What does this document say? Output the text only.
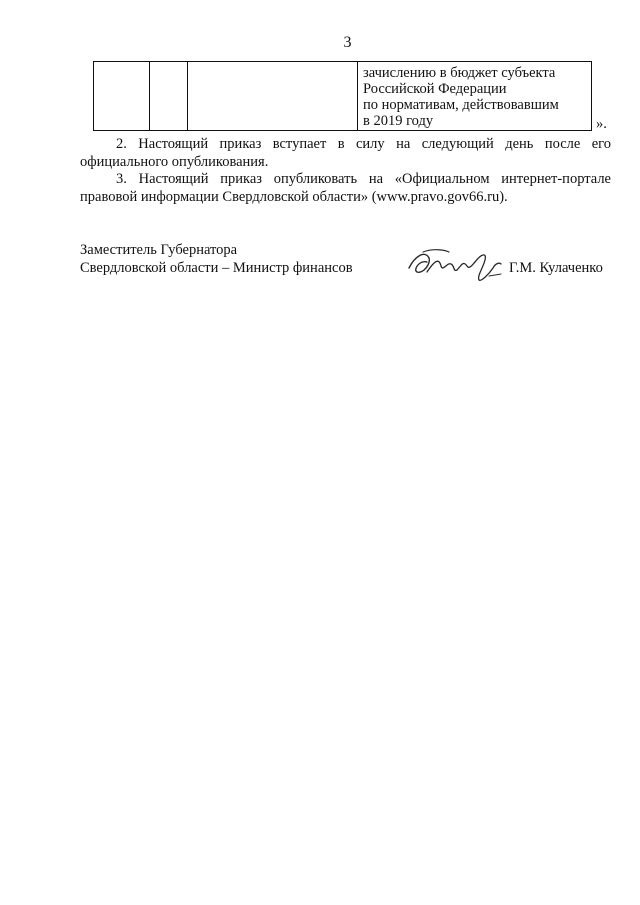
3

зачислению в бюджет субъекта
Российской Федерации
по нормативам, действовавшим
в 2019 году	».
2. Настоящий приказ вступает в силу на следующий день после его
официального опубликования.
3. Настоящий приказ опубликовать на «Официальном интернет-портале
правовой информации Свердловской области» (www.pravo.gov66.ru).
Заместитель Губернатора
Свердловской области – Министр финансов	Г.М. Кулаченко
